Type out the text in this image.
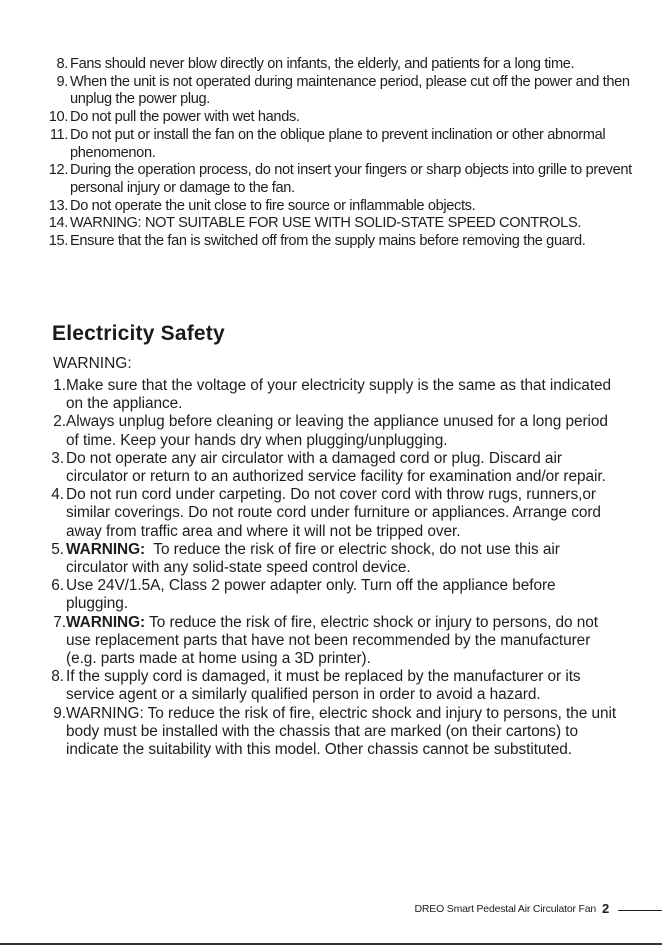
8. Fans should never blow directly on infants, the elderly, and patients for a long time.
9. When the unit is not operated during maintenance period, please cut off the power and then unplug the power plug.
10. Do not pull the power with wet hands.
11. Do not put or install the fan on the oblique plane to prevent inclination or other abnormal phenomenon.
12. During the operation process, do not insert your fingers or sharp objects into grille to prevent personal injury or damage to the fan.
13. Do not operate the unit close to fire source or inflammable objects.
14. WARNING: NOT SUITABLE FOR USE WITH SOLID-STATE SPEED CONTROLS.
15. Ensure that the fan is switched off from the supply mains before removing the guard.
Electricity Safety
WARNING:
1. Make sure that the voltage of your electricity supply is the same as that indicated on the appliance.
2. Always unplug before cleaning or leaving the appliance unused for a long period of time. Keep your hands dry when plugging/unplugging.
3. Do not operate any air circulator with a damaged cord or plug. Discard air circulator or return to an authorized service facility for examination and/or repair.
4. Do not run cord under carpeting. Do not cover cord with throw rugs, runners,or similar coverings. Do not route cord under furniture or appliances. Arrange cord away from traffic area and where it will not be tripped over.
5. WARNING: To reduce the risk of fire or electric shock, do not use this air circulator with any solid-state speed control device.
6. Use 24V/1.5A, Class 2 power adapter only. Turn off the appliance before plugging.
7. WARNING: To reduce the risk of fire, electric shock or injury to persons, do not use replacement parts that have not been recommended by the manufacturer (e.g. parts made at home using a 3D printer).
8. If the supply cord is damaged, it must be replaced by the manufacturer or its service agent or a similarly qualified person in order to avoid a hazard.
9. WARNING: To reduce the risk of fire, electric shock and injury to persons, the unit body must be installed with the chassis that are marked (on their cartons) to indicate the suitability with this model. Other chassis cannot be substituted.
DREO Smart Pedestal Air Circulator Fan 2
